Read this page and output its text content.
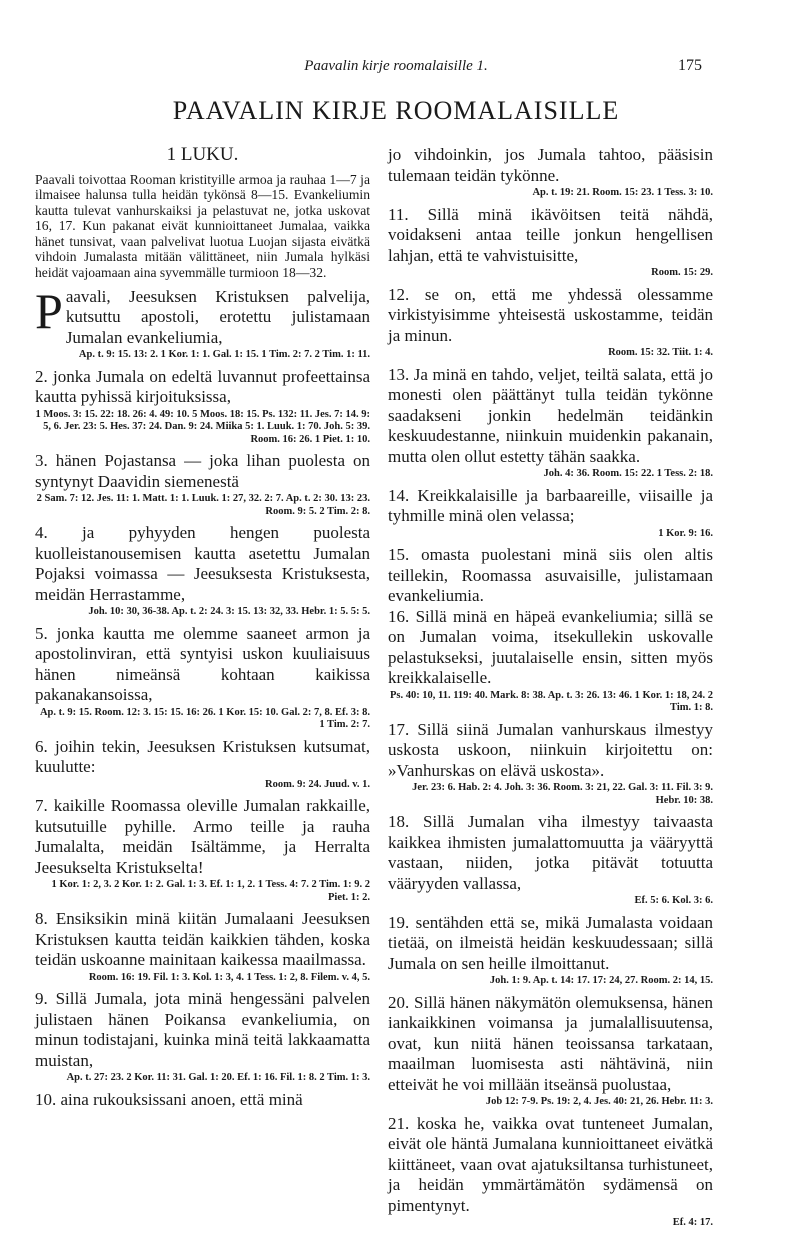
Paavalin kirje roomalaisille 1.	175
PAAVALIN KIRJE ROOMALAISILLE
1 LUKU.
Paavali toivottaa Rooman kristityille armoa ja rauhaa 1—7 ja ilmaisee halunsa tulla heidän tykönsä 8—15. Evankeliumin kautta tulevat vanhurskaiksi ja pelastuvat ne, jotka uskovat 16, 17. Kun pakanat eivät kunnioittaneet Jumalaa, vaikka hänet tunsivat, vaan palvelivat luotua Luojan sijasta eivätkä vihdoin Jumalasta mitään välittäneet, niin Jumala hylkäsi heidät vajoamaan aina syvemmälle turmioon 18—32.

Paavali, Jeesuksen Kristuksen palvelija, kutsuttu apostoli, erotettu julistamaan Jumalan evankeliumia,

Ap. t. 9: 15. 13: 2. 1 Kor. 1: 1. Gal. 1: 15. 1 Tim. 2: 7. 2 Tim. 1: 11.

2. jonka Jumala on edeltä luvannut profeettainsa kautta pyhissä kirjoituksissa,

1 Moos. 3: 15. 22: 18. 26: 4. 49: 10. 5 Moos. 18: 15. Ps. 132: 11. Jes. 7: 14. 9: 5, 6. Jer. 23: 5. Hes. 37: 24. Dan. 9: 24. Miika 5: 1. Luuk. 1: 70. Joh. 5: 39. Room. 16: 26. 1 Piet. 1: 10.

3. hänen Pojastansa — joka lihan puolesta on syntynyt Daavidin siemenestä

2 Sam. 7: 12. Jes. 11: 1. Matt. 1: 1. Luuk. 1: 27, 32. 2: 7. Ap. t. 2: 30. 13: 23. Room. 9: 5. 2 Tim. 2: 8.

4. ja pyhyyden hengen puolesta kuolleistanousemisen kautta asetettu Jumalan Pojaksi voimassa — Jeesuksesta Kristuksesta, meidän Herrastamme,

Joh. 10: 30, 36-38. Ap. t. 2: 24. 3: 15. 13: 32, 33. Hebr. 1: 5. 5: 5.

5. jonka kautta me olemme saaneet armon ja apostolinviran, että syntyisi uskon kuuliaisuus hänen nimeänsä kohtaan kaikissa pakanakansoissa,

Ap. t. 9: 15. Room. 12: 3. 15: 15. 16: 26. 1 Kor. 15: 10. Gal. 2: 7, 8. Ef. 3: 8. 1 Tim. 2: 7.

6. joihin tekin, Jeesuksen Kristuksen kutsumat, kuulutte:

Room. 9: 24. Juud. v. 1.

7. kaikille Roomassa oleville Jumalan rakkaille, kutsutuille pyhille. Armo teille ja rauha Jumalalta, meidän Isältämme, ja Herralta Jeesukselta Kristukselta!

1 Kor. 1: 2, 3. 2 Kor. 1: 2. Gal. 1: 3. Ef. 1: 1, 2. 1 Tess. 4: 7. 2 Tim. 1: 9. 2 Piet. 1: 2.

8. Ensiksikin minä kiitän Jumalaani Jeesuksen Kristuksen kautta teidän kaikkien tähden, koska teidän uskoanne mainitaan kaikessa maailmassa.

Room. 16: 19. Fil. 1: 3. Kol. 1: 3, 4. 1 Tess. 1: 2, 8. Filem. v. 4, 5.

9. Sillä Jumala, jota minä hengessäni palvelen julistaen hänen Poikansa evankeliumia, on minun todistajani, kuinka minä teitä lakkaamatta muistan,

Ap. t. 27: 23. 2 Kor. 11: 31. Gal. 1: 20. Ef. 1: 16. Fil. 1: 8. 2 Tim. 1: 3.

10. aina rukouksissani anoen, että minä

jo vihdoinkin, jos Jumala tahtoo, pääsisin tulemaan teidän tykönne.

Ap. t. 19: 21. Room. 15: 23. 1 Tess. 3: 10.

11. Sillä minä ikävöitsen teitä nähdä, voidakseni antaa teille jonkun hengellisen lahjan, että te vahvistuisitte,

Room. 15: 29.

12. se on, että me yhdessä olessamme virkistyisimme yhteisestä uskostamme, teidän ja minun.

Room. 15: 32. Tiit. 1: 4.

13. Ja minä en tahdo, veljet, teiltä salata, että jo monesti olen päättänyt tulla teidän tykönne saadakseni jonkin hedelmän teidänkin keskuudestanne, niinkuin muidenkin pakanain, mutta olen ollut estetty tähän saakka.

Joh. 4: 36. Room. 15: 22. 1 Tess. 2: 18.

14. Kreikkalaisille ja barbaareille, viisaille ja tyhmille minä olen velassa;

1 Kor. 9: 16.

15. omasta puolestani minä siis olen altis teillekin, Roomassa asuvaisille, julistamaan evankeliumia.

16. Sillä minä en häpeä evankeliumia; sillä se on Jumalan voima, itsekullekin uskovalle pelastukseksi, juutalaiselle ensin, sitten myös kreikkalaiselle.

Ps. 40: 10, 11. 119: 40. Mark. 8: 38. Ap. t. 3: 26. 13: 46. 1 Kor. 1: 18, 24. 2 Tim. 1: 8.

17. Sillä siinä Jumalan vanhurskaus ilmestyy uskosta uskoon, niinkuin kirjoitettu on: »Vanhurskas on elävä uskosta».

Jer. 23: 6. Hab. 2: 4. Joh. 3: 36. Room. 3: 21, 22. Gal. 3: 11. Fil. 3: 9. Hebr. 10: 38.

18. Sillä Jumalan viha ilmestyy taivaasta kaikkea ihmisten jumalattomuutta ja vääryyttä vastaan, niiden, jotka pitävät totuutta vääryyden vallassa,

Ef. 5: 6. Kol. 3: 6.

19. sentähden että se, mikä Jumalasta voidaan tietää, on ilmeistä heidän keskuudessaan; sillä Jumala on sen heille ilmoittanut.

Joh. 1: 9. Ap. t. 14: 17. 17: 24, 27. Room. 2: 14, 15.

20. Sillä hänen näkymätön olemuksensa, hänen iankaikkinen voimansa ja jumalallisuutensa, ovat, kun niitä hänen teoissansa tarkataan, maailman luomisesta asti nähtävinä, niin etteivät he voi millään itseänsä puolustaa,

Job 12: 7-9. Ps. 19: 2, 4. Jes. 40: 21, 26. Hebr. 11: 3.

21. koska he, vaikka ovat tunteneet Jumalan, eivät ole häntä Jumalana kunnioittaneet eivätkä kiittäneet, vaan ovat ajatuksiltansa turhistuneet, ja heidän ymmärtämätön sydämensä on pimentynyt.

Ef. 4: 17.
